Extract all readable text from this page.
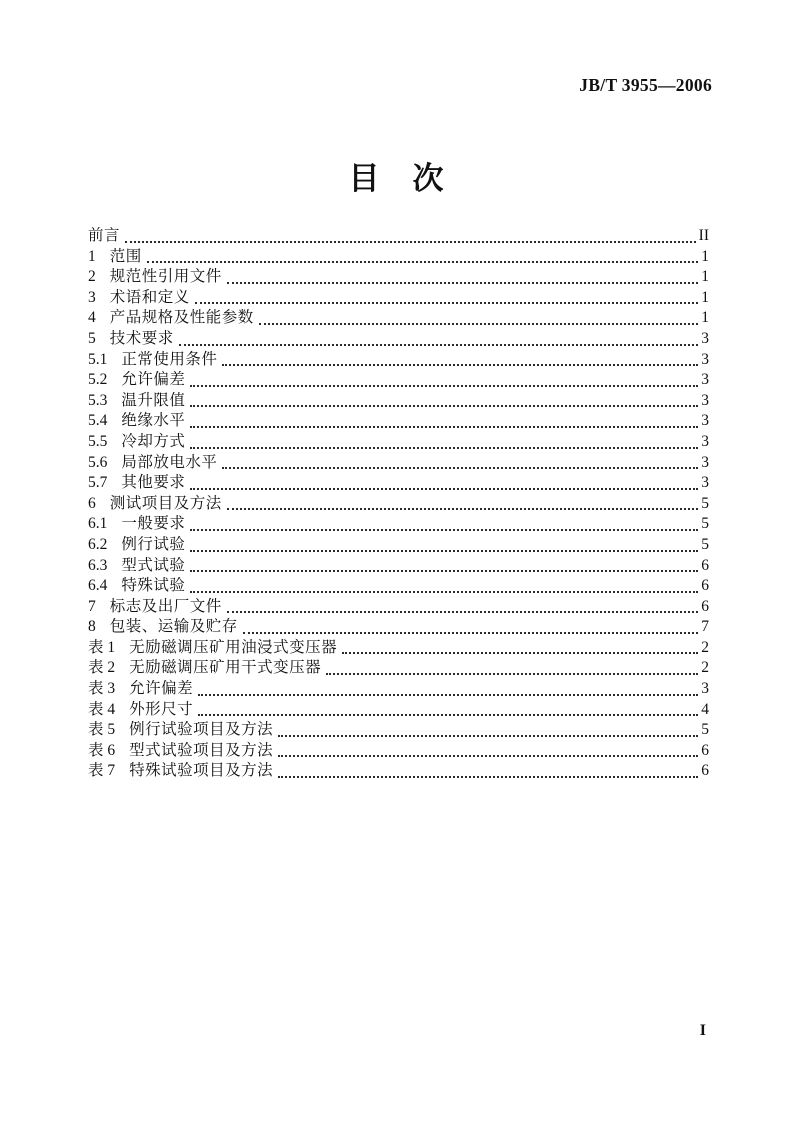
JB/T 3955—2006
目　次
前言	II
1 范围	1
2 规范性引用文件	1
3 术语和定义	1
4 产品规格及性能参数	1
5 技术要求	3
5.1 正常使用条件	3
5.2 允许偏差	3
5.3 温升限值	3
5.4 绝缘水平	3
5.5 冷却方式	3
5.6 局部放电水平	3
5.7 其他要求	3
6 测试项目及方法	5
6.1 一般要求	5
6.2 例行试验	5
6.3 型式试验	6
6.4 特殊试验	6
7 标志及出厂文件	6
8 包装、运输及贮存	7
表 1 无励磁调压矿用油浸式变压器	2
表 2 无励磁调压矿用干式变压器	2
表 3 允许偏差	3
表 4 外形尺寸	4
表 5 例行试验项目及方法	5
表 6 型式试验项目及方法	6
表 7 特殊试验项目及方法	6
I
